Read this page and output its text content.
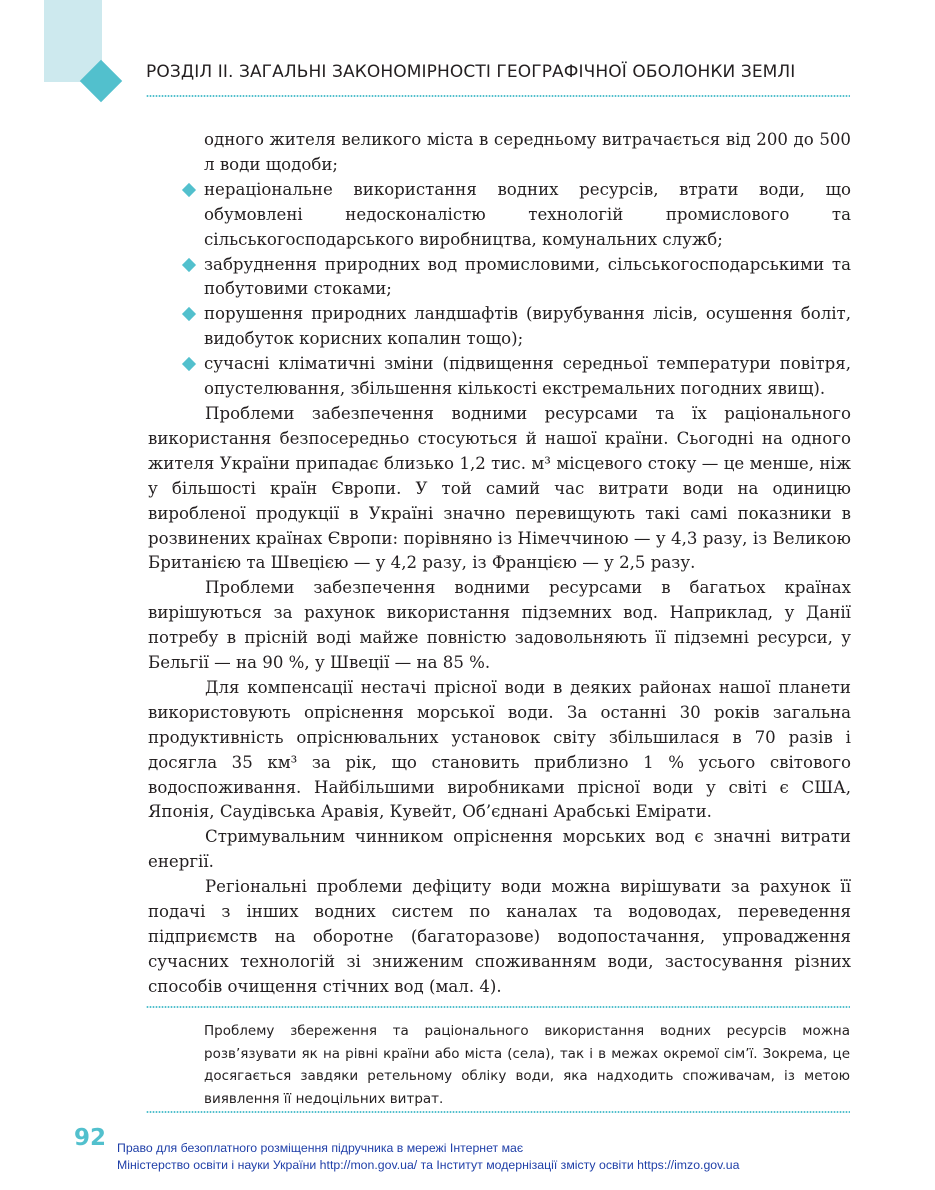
РОЗДІЛ ІІ. ЗАГАЛЬНІ ЗАКОНОМІРНОСТІ ГЕОГРАФІЧНОЇ ОБОЛОНКИ ЗЕМЛІ

одного жителя великого міста в середньому витрачається від 200 до 500 л води щодоби;

нераціональне використання водних ресурсів, втрати води, що обумовлені недосконалістю технологій промислового та сільськогосподарського виробництва, комунальних служб;
забруднення природних вод промисловими, сільськогосподарськими та побутовими стоками;
порушення природних ландшафтів (вирубування лісів, осушення боліт, видобуток корисних копалин тощо);
сучасні кліматичні зміни (підвищення середньої температури повітря, опустелювання, збільшення кількості екстремальних погодних явищ).

Проблеми забезпечення водними ресурсами та їх раціонального використання безпосередньо стосуються й нашої країни. Сьогодні на одного жителя України припадає близько 1,2 тис. м³ місцевого стоку — це менше, ніж у більшості країн Європи. У той самий час витрати води на одиницю виробленої продукції в Україні значно перевищують такі самі показники в розвинених країнах Європи: порівняно із Німеччиною — у 4,3 разу, із Великою Британією та Швецією — у 4,2 разу, із Францією — у 2,5 разу.

Проблеми забезпечення водними ресурсами в багатьох країнах вирішуються за рахунок використання підземних вод. Наприклад, у Данії потребу в прісній воді майже повністю задовольняють її підземні ресурси, у Бельгії — на 90 %, у Швеції — на 85 %.

Для компенсації нестачі прісної води в деяких районах нашої планети використовують опріснення морської води. За останні 30 років загальна продуктивність опріснювальних установок світу збільшилася в 70 разів і досягла 35 км³ за рік, що становить приблизно 1 % усього світового водоспоживання. Найбільшими виробниками прісної води у світі є США, Японія, Саудівська Аравія, Кувейт, Об’єднані Арабські Емірати.

Стримувальним чинником опріснення морських вод є значні витрати енергії.

Регіональні проблеми дефіциту води можна вирішувати за рахунок її подачі з інших водних систем по каналах та водоводах, переведення підприємств на оборотне (багаторазове) водопостачання, упровадження сучасних технологій зі зниженим споживанням води, застосування різних способів очищення стічних вод (мал. 4).

Проблему збереження та раціонального використання водних ресурсів можна розв’язувати як на рівні країни або міста (села), так і в межах окремої сім’ї. Зокрема, це досягається завдяки ретельному обліку води, яка надходить споживачам, із метою виявлення її недоцільних витрат.
92 Право для безоплатного розміщення підручника в мережі Інтернет має
Міністерство освіти і науки України http://mon.gov.ua/ та Інститут модернізації змісту освіти https://imzo.gov.ua
